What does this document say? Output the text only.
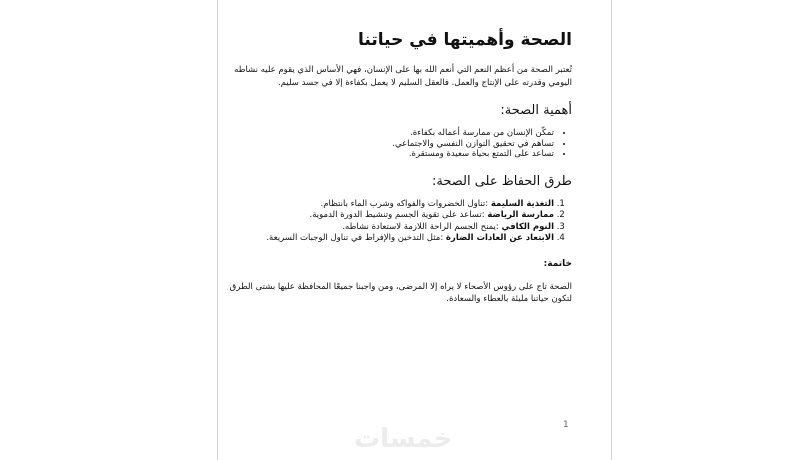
الصحة وأهميتها في حياتنا

تُعتبر الصحة من أعظم النعم التي أنعم الله بها على الإنسان، فهي الأساس الذي يقوم عليه نشاطه اليومي وقدرته على الإنتاج والعمل. فالعقل السليم لا يعمل بكفاءة إلا في جسد سليم.

أهمية الصحة:
• تمكّن الإنسان من ممارسة أعماله بكفاءة.
• تساهم في تحقيق التوازن النفسي والاجتماعي.
• تساعد على التمتع بحياة سعيدة ومستقرة.
طرق الحفاظ على الصحة:
1. التغذية السليمة :تناول الخضروات والفواكه وشرب الماء بانتظام.
2. ممارسة الرياضة :تساعد على تقوية الجسم وتنشيط الدورة الدموية.
3. النوم الكافي :يمنح الجسم الراحة اللازمة لاستعادة نشاطه.
4. الابتعاد عن العادات الضارة :مثل التدخين والإفراط في تناول الوجبات السريعة.
خاتمة:

الصحة تاج على رؤوس الأصحاء لا يراه إلا المرضى، ومن واجبنا جميعًا المحافظة عليها بشتى الطرق لتكون حياتنا مليئة بالعطاء والسعادة.

1
خمسات
